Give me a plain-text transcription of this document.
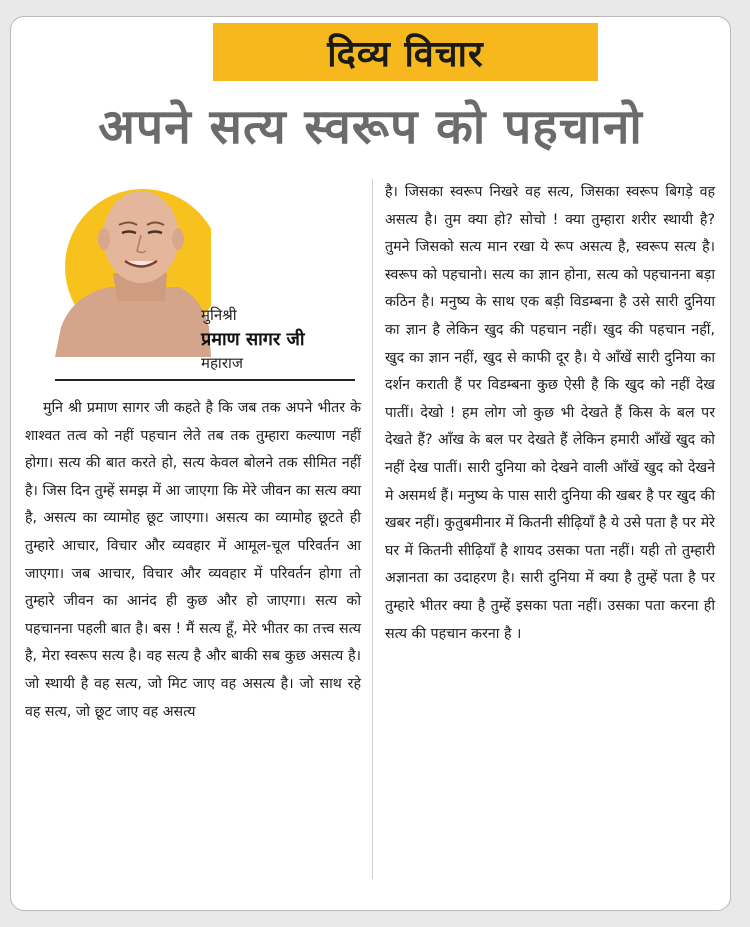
दिव्य विचार
अपने सत्य स्वरूप को पहचानो
मुनिश्री
प्रमाण सागर जी
महाराज
मुनि श्री प्रमाण सागर जी कहते है कि जब तक अपने भीतर के शाश्वत तत्व को नहीं पहचान लेते तब तक तुम्हारा कल्याण नहीं होगा। सत्य की बात करते हो, सत्य केवल बोलने तक सीमित नहीं है। जिस दिन तुम्हें समझ में आ जाएगा कि मेरे जीवन का सत्य क्या है, असत्य का व्यामोह छूट जाएगा। असत्य का व्यामोह छूटते ही तुम्हारे आचार, विचार और व्यवहार में आमूल-चूल परिवर्तन आ जाएगा। जब आचार, विचार और व्यवहार में परिवर्तन होगा तो तुम्हारे जीवन का आनंद ही कुछ और हो जाएगा। सत्य को पहचानना पहली बात है। बस ! मैं सत्य हूँ, मेरे भीतर का तत्त्व सत्य है, मेरा स्वरूप सत्य है। वह सत्य है और बाकी सब कुछ असत्य है। जो स्थायी है वह सत्य, जो मिट जाए वह असत्य है। जो साथ रहे वह सत्य, जो छूट जाए वह असत्य
है। जिसका स्वरूप निखरे वह सत्य, जिसका स्वरूप बिगड़े वह असत्य है। तुम क्या हो? सोचो ! क्या तुम्हारा शरीर स्थायी है? तुमने जिसको सत्य मान रखा ये रूप असत्य है, स्वरूप सत्य है। स्वरूप को पहचानो। सत्य का ज्ञान होना, सत्य को पहचानना बड़ा कठिन है। मनुष्य के साथ एक बड़ी विडम्बना है उसे सारी दुनिया का ज्ञान है लेकिन खुद की पहचान नहीं। खुद की पहचान नहीं, खुद का ज्ञान नहीं, खुद से काफी दूर है। ये आँखें सारी दुनिया का दर्शन कराती हैं पर विडम्बना कुछ ऐसी है कि खुद को नहीं देख पातीं। देखो ! हम लोग जो कुछ भी देखते हैं किस के बल पर देखते हैं? आँख के बल पर देखते हैं लेकिन हमारी आँखें खुद को नहीं देख पातीं। सारी दुनिया को देखने वाली आँखें खुद को देखने मे असमर्थ हैं। मनुष्य के पास सारी दुनिया की खबर है पर खुद की खबर नहीं। कुतुबमीनार में कितनी सीढ़ियाँ है ये उसे पता है पर मेरे घर में कितनी सीढ़ियाँ है शायद उसका पता नहीं। यही तो तुम्हारी अज्ञानता का उदाहरण है। सारी दुनिया में क्या है तुम्हें पता है पर तुम्हारे भीतर क्या है तुम्हें इसका पता नहीं। उसका पता करना ही सत्य की पहचान करना है ।
